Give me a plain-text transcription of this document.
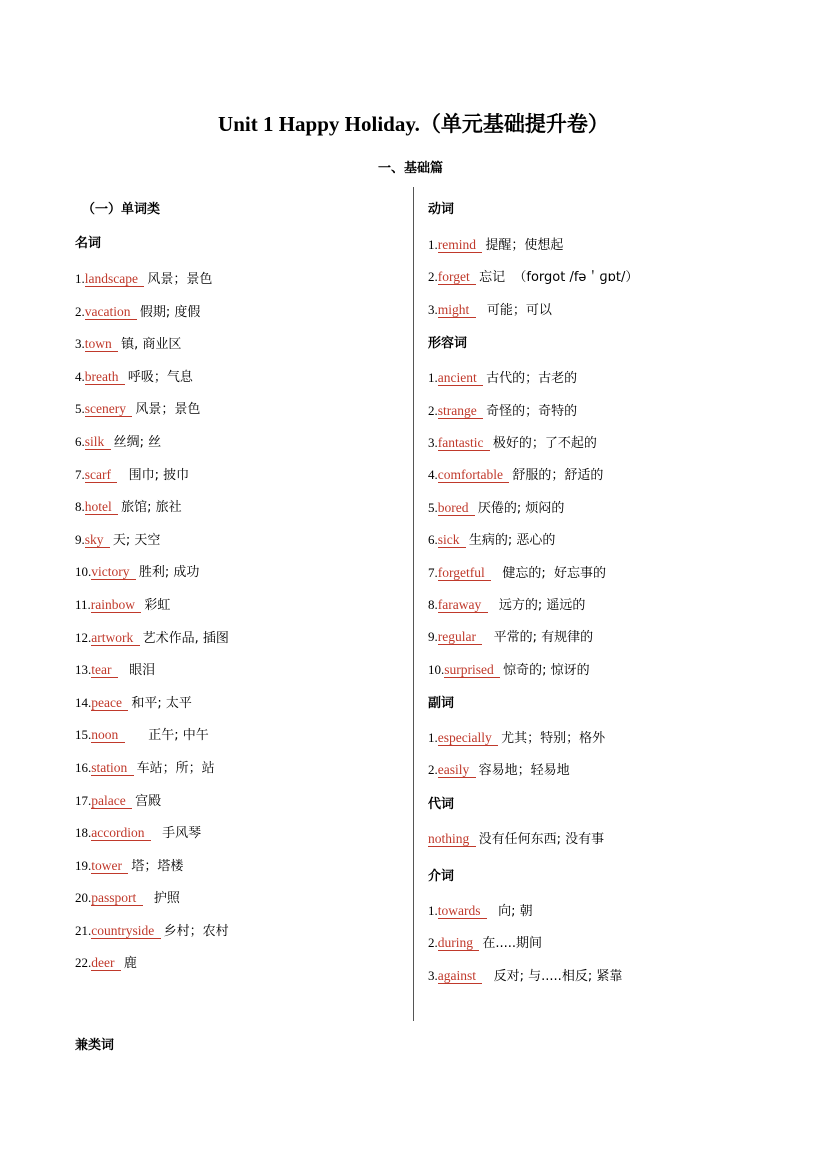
Unit 1 Happy Holiday.（单元基础提升卷）
一、基础篇
（一）单词类
名词
1.landscape 风景；景色
2.vacation 假期; 度假
3.town 镇, 商业区
4.breath 呼吸；气息
5.scenery 风景；景色
6.silk 丝绸; 丝
7.scarf   围巾; 披巾
8.hotel 旅馆; 旅社
9.sky 天; 天空
10.victory 胜利; 成功
11.rainbow 彩虹
12.artwork 艺术作品, 插图
13.tear   眼泪
14.peace 和平; 太平
15.noon      正午; 中午
16.station 车站；所；站
17.palace 宫殿
18.accordion   手风琴
19.tower 塔；塔楼
20.passport   护照
21.countryside 乡村；农村
22.deer 鹿
动词
1.remind 提醒；使想起
2.forget 忘记  （forgot /fə＇ɡɒt/）
3.might   可能；可以
形容词
1.ancient 古代的；古老的
2.strange 奇怪的；奇特的
3.fantastic 极好的；了不起的
4.comfortable 舒服的；舒适的
5.bored 厌倦的; 烦闷的
6.sick 生病的; 恶心的
7.forgetful   健忘的;  好忘事的
8.faraway   远方的; 遥远的
9.regular   平常的; 有规律的
10.surprised 惊奇的; 惊讶的
副词
1.especially 尤其；特别；格外
2.easily 容易地；轻易地
代词
nothing 没有任何东西; 没有事
介词
1.towards   向; 朝
2.during 在.....期间
3.against   反对; 与.....相反; 紧靠
兼类词
